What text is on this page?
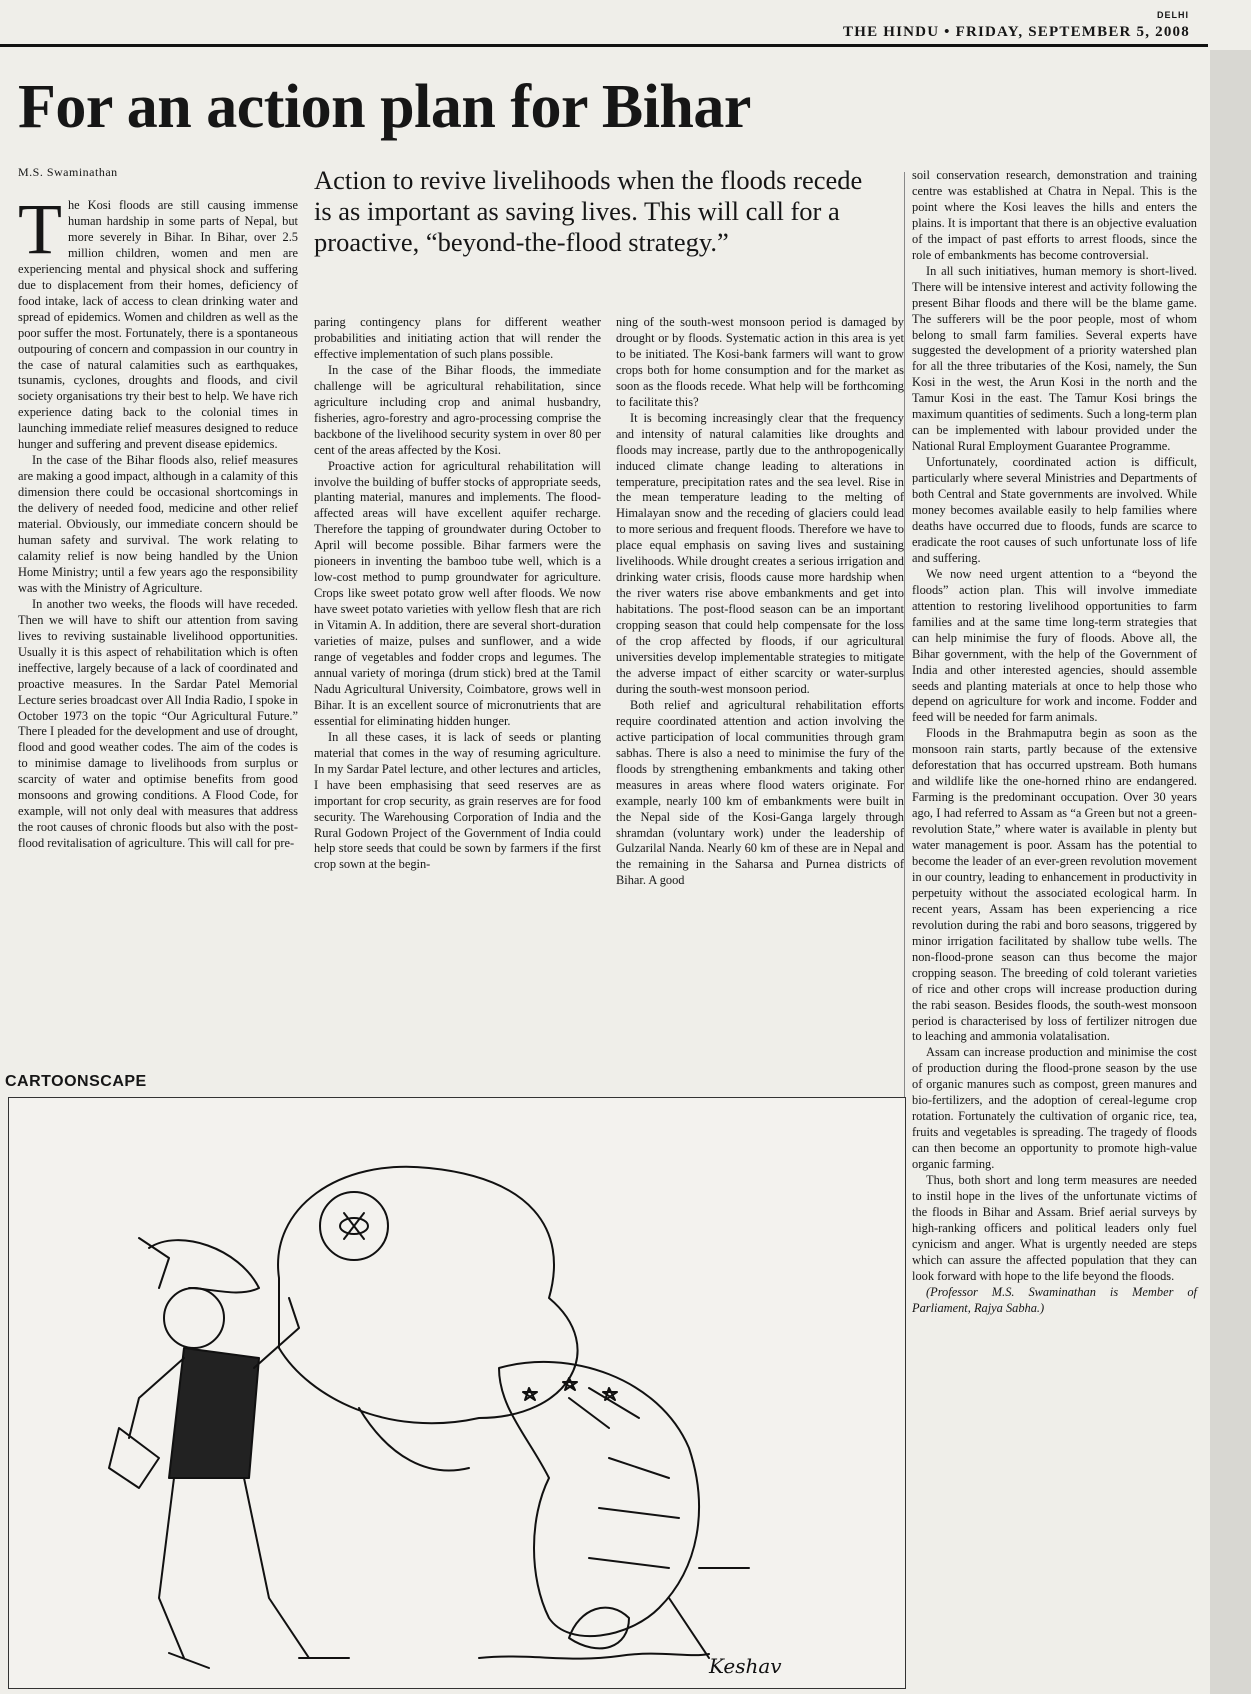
DELHI
THE HINDU • FRIDAY, SEPTEMBER 5, 2008
For an action plan for Bihar
M.S. Swaminathan	Action to revive livelihoods when the floods recede is as important as saving lives. This will call for a proactive, “beyond-the-flood strategy.”

The Kosi floods are still causing immense human hardship in some parts of Nepal, but more severely in Bihar. In Bihar, over 2.5 million children, women and men are experiencing mental and physical shock and suffering due to displacement from their homes, deficiency of food intake, lack of access to clean drinking water and spread of epidemics. Women and children as well as the poor suffer the most. Fortunately, there is a spontaneous outpouring of concern and compassion in our country in the case of natural calamities such as earthquakes, tsunamis, cyclones, droughts and floods, and civil society organisations try their best to help. We have rich experience dating back to the colonial times in launching immediate relief measures designed to reduce hunger and suffering and prevent disease epidemics.

In the case of the Bihar floods also, relief measures are making a good impact, although in a calamity of this dimension there could be occasional shortcomings in the delivery of needed food, medicine and other relief material. Obviously, our immediate concern should be human safety and survival. The work relating to calamity relief is now being handled by the Union Home Ministry; until a few years ago the responsibility was with the Ministry of Agriculture.

In another two weeks, the floods will have receded. Then we will have to shift our attention from saving lives to reviving sustainable livelihood opportunities. Usually it is this aspect of rehabilitation which is often ineffective, largely because of a lack of coordinated and proactive measures. In the Sardar Patel Memorial Lecture series broadcast over All India Radio, I spoke in October 1973 on the topic “Our Agricultural Future.” There I pleaded for the development and use of drought, flood and good weather codes. The aim of the codes is to minimise damage to livelihoods from surplus or scarcity of water and optimise benefits from good monsoons and growing conditions. A Flood Code, for example, will not only deal with measures that address the root causes of chronic floods but also with the post-flood revitalisation of agriculture. This will call for pre-

paring contingency plans for different weather probabilities and initiating action that will render the effective implementation of such plans possible.

In the case of the Bihar floods, the immediate challenge will be agricultural rehabilitation, since agriculture including crop and animal husbandry, fisheries, agro-forestry and agro-processing comprise the backbone of the livelihood security system in over 80 per cent of the areas affected by the Kosi.

Proactive action for agricultural rehabilitation will involve the building of buffer stocks of appropriate seeds, planting material, manures and implements. The flood-affected areas will have excellent aquifer recharge. Therefore the tapping of groundwater during October to April will become possible. Bihar farmers were the pioneers in inventing the bamboo tube well, which is a low-cost method to pump groundwater for agriculture. Crops like sweet potato grow well after floods. We now have sweet potato varieties with yellow flesh that are rich in Vitamin A. In addition, there are several short-duration varieties of maize, pulses and sunflower, and a wide range of vegetables and fodder crops and legumes. The annual variety of moringa (drum stick) bred at the Tamil Nadu Agricultural University, Coimbatore, grows well in Bihar. It is an excellent source of micronutrients that are essential for eliminating hidden hunger.

In all these cases, it is lack of seeds or planting material that comes in the way of resuming agriculture. In my Sardar Patel lecture, and other lectures and articles, I have been emphasising that seed reserves are as important for crop security, as grain reserves are for food security. The Warehousing Corporation of India and the Rural Godown Project of the Government of India could help store seeds that could be sown by farmers if the first crop sown at the begin-

ning of the south-west monsoon period is damaged by drought or by floods. Systematic action in this area is yet to be initiated. The Kosi-bank farmers will want to grow crops both for home consumption and for the market as soon as the floods recede. What help will be forthcoming to facilitate this?

It is becoming increasingly clear that the frequency and intensity of natural calamities like droughts and floods may increase, partly due to the anthropogenically induced climate change leading to alterations in temperature, precipitation rates and the sea level. Rise in the mean temperature leading to the melting of Himalayan snow and the receding of glaciers could lead to more serious and frequent floods. Therefore we have to place equal emphasis on saving lives and sustaining livelihoods. While drought creates a serious irrigation and drinking water crisis, floods cause more hardship when the river waters rise above embankments and get into habitations. The post-flood season can be an important cropping season that could help compensate for the loss of the crop affected by floods, if our agricultural universities develop implementable strategies to mitigate the adverse impact of either scarcity or water-surplus during the south-west monsoon period.

Both relief and agricultural rehabilitation efforts require coordinated attention and action involving the active participation of local communities through gram sabhas. There is also a need to minimise the fury of the floods by strengthening embankments and taking other measures in areas where flood waters originate. For example, nearly 100 km of embankments were built in the Nepal side of the Kosi-Ganga largely through shramdan (voluntary work) under the leadership of Gulzarilal Nanda. Nearly 60 km of these are in Nepal and the remaining in the Saharsa and Purnea districts of Bihar. A good

soil conservation research, demonstration and training centre was established at Chatra in Nepal. This is the point where the Kosi leaves the hills and enters the plains. It is important that there is an objective evaluation of the impact of past efforts to arrest floods, since the role of embankments has become controversial.

In all such initiatives, human memory is short-lived. There will be intensive interest and activity following the present Bihar floods and there will be the blame game. The sufferers will be the poor people, most of whom belong to small farm families. Several experts have suggested the development of a priority watershed plan for all the three tributaries of the Kosi, namely, the Sun Kosi in the west, the Arun Kosi in the north and the Tamur Kosi in the east. The Tamur Kosi brings the maximum quantities of sediments. Such a long-term plan can be implemented with labour provided under the National Rural Employment Guarantee Programme.

Unfortunately, coordinated action is difficult, particularly where several Ministries and Departments of both Central and State governments are involved. While money becomes available easily to help families where deaths have occurred due to floods, funds are scarce to eradicate the root causes of such unfortunate loss of life and suffering.

We now need urgent attention to a “beyond the floods” action plan. This will involve immediate attention to restoring livelihood opportunities to farm families and at the same time long-term strategies that can help minimise the fury of floods. Above all, the Bihar government, with the help of the Government of India and other interested agencies, should assemble seeds and planting materials at once to help those who depend on agriculture for work and income. Fodder and feed will be needed for farm animals.

Floods in the Brahmaputra begin as soon as the monsoon rain starts, partly because of the extensive deforestation that has occurred upstream. Both humans and wildlife like the one-horned rhino are endangered. Farming is the predominant occupation. Over 30 years ago, I had referred to Assam as “a Green but not a green-revolution State,” where water is available in plenty but water management is poor. Assam has the potential to become the leader of an ever-green revolution movement in our country, leading to enhancement in productivity in perpetuity without the associated ecological harm. In recent years, Assam has been experiencing a rice revolution during the rabi and boro seasons, triggered by minor irrigation facilitated by shallow tube wells. The non-flood-prone season can thus become the major cropping season. The breeding of cold tolerant varieties of rice and other crops will increase production during the rabi season. Besides floods, the south-west monsoon period is characterised by loss of fertilizer nitrogen due to leaching and ammonia volatalisation.

Assam can increase production and minimise the cost of production during the flood-prone season by the use of organic manures such as compost, green manures and bio-fertilizers, and the adoption of cereal-legume crop rotation. Fortunately the cultivation of organic rice, tea, fruits and vegetables is spreading. The tragedy of floods can then become an opportunity to promote high-value organic farming.

Thus, both short and long term measures are needed to instil hope in the lives of the unfortunate victims of the floods in Bihar and Assam. Brief aerial surveys by high-ranking officers and political leaders only fuel cynicism and anger. What is urgently needed are steps which can assure the affected population that they can look forward with hope to the life beyond the floods.

(Professor M.S. Swaminathan is Member of Parliament, Rajya Sabha.)

CARTOONSCAPE
Keshav
